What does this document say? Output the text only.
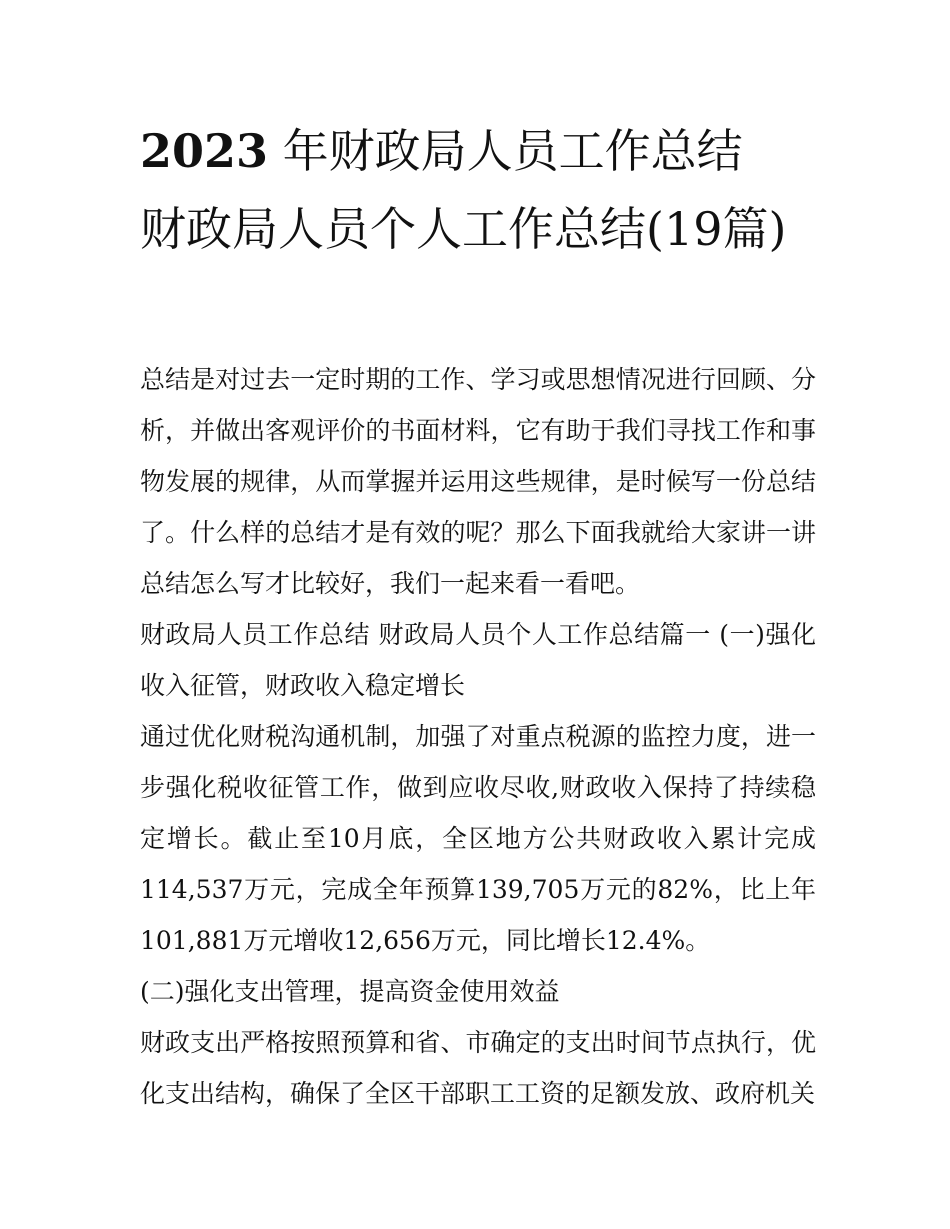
2023 年财政局人员工作总结
财政局人员个人工作总结(19篇)

总结是对过去一定时期的工作、学习或思想情况进行回顾、分析，并做出客观评价的书面材料，它有助于我们寻找工作和事物发展的规律，从而掌握并运用这些规律，是时候写一份总结了。什么样的总结才是有效的呢？那么下面我就给大家讲一讲总结怎么写才比较好，我们一起来看一看吧。

财政局人员工作总结 财政局人员个人工作总结篇一 (一)强化收入征管，财政收入稳定增长

通过优化财税沟通机制，加强了对重点税源的监控力度，进一步强化税收征管工作，做到应收尽收,财政收入保持了持续稳定增长。截止至10月底，全区地方公共财政收入累计完成114,537万元，完成全年预算139,705万元的82%，比上年101,881万元增收12,656万元，同比增长12.4%。

(二)强化支出管理，提高资金使用效益

财政支出严格按照预算和省、市确定的支出时间节点执行，优化支出结构，确保了全区干部职工工资的足额发放、政府机关
